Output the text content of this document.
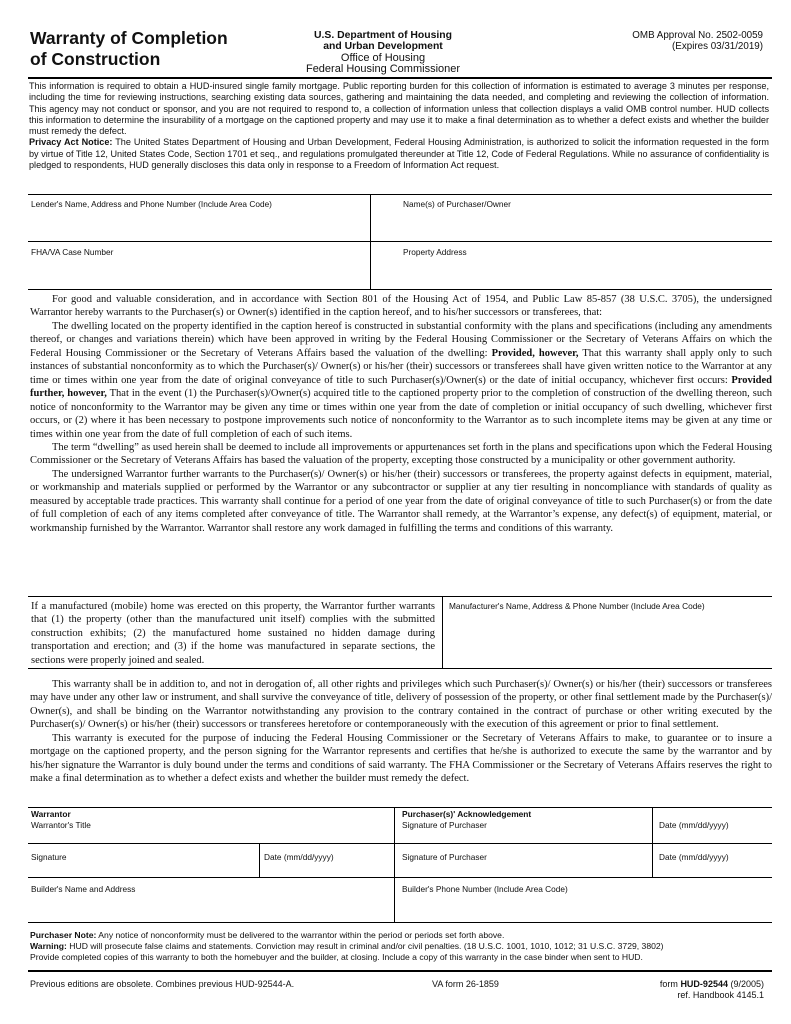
Warranty of Completion
of Construction
U.S. Department of Housing
and Urban Development
Office of Housing
Federal Housing Commissioner
OMB Approval No. 2502-0059
(Expires 03/31/2019)

This information is required to obtain a HUD-insured single family mortgage. Public reporting burden for this collection of information is estimated to average 3 minutes per response, including the time for reviewing instructions, searching existing data sources, gathering and maintaining the data needed, and completing and reviewing the collection of information. This agency may not conduct or sponsor, and you are not required to respond to, a collection of information unless that collection displays a valid OMB control number. HUD collects this information to determine the insurability of a mortgage on the captioned property and may use it to make a final determination as to whether a defect exists and whether the builder must remedy the defect.

Privacy Act Notice: The United States Department of Housing and Urban Development, Federal Housing Administration, is authorized to solicit the information requested in the form by virtue of Title 12, United States Code, Section 1701 et seq., and regulations promulgated thereunder at Title 12, Code of Federal Regulations. While no assurance of confidentiality is pledged to respondents, HUD generally discloses this data only in response to a Freedom of Information Act request.

Lender's Name, Address and Phone Number (Include Area Code)	Name(s) of Purchaser/Owner
FHA/VA Case Number	Property Address

For good and valuable consideration, and in accordance with Section 801 of the Housing Act of 1954, and Public Law 85-857 (38 U.S.C. 3705), the undersigned Warrantor hereby warrants to the Purchaser(s) or Owner(s) identified in the caption hereof, and to his/her successors or transferees, that:

The dwelling located on the property identified in the caption hereof is constructed in substantial conformity with the plans and specifications (including any amendments thereof, or changes and variations therein) which have been approved in writing by the Federal Housing Commissioner or the Secretary of Veterans Affairs on which the Federal Housing Commissioner or the Secretary of Veterans Affairs based the valuation of the dwelling: Provided, however, That this warranty shall apply only to such instances of substantial nonconformity as to which the Purchaser(s)/ Owner(s) or his/her (their) successors or transferees shall have given written notice to the Warrantor at any time or times within one year from the date of original conveyance of title to such Purchaser(s)/Owner(s) or the date of initial occupancy, whichever first occurs: Provided further, however, That in the event (1) the Purchaser(s)/Owner(s) acquired title to the captioned property prior to the completion of construction of the dwelling thereon, such notice of nonconformity to the Warrantor may be given any time or times within one year from the date of completion or initial occupancy of such dwelling, whichever first occurs, or (2) where it has been necessary to postpone improvements such notice of nonconformity to the Warrantor as to such incomplete items may be given at any time or times within one year from the date of full completion of each of such items.

The term “dwelling” as used herein shall be deemed to include all improvements or appurtenances set forth in the plans and specifications upon which the Federal Housing Commissioner or the Secretary of Veterans Affairs has based the valuation of the property, excepting those constructed by a municipality or other government authority.

The undersigned Warrantor further warrants to the Purchaser(s)/ Owner(s) or his/her (their) successors or transferees, the property against defects in equipment, material, or workmanship and materials supplied or performed by the Warrantor or any subcontractor or supplier at any tier resulting in noncompliance with standards of quality as measured by acceptable trade practices. This warranty shall continue for a period of one year from the date of original conveyance of title to such Purchaser(s) or from the date of full completion of each of any items completed after conveyance of title. The Warrantor shall remedy, at the Warrantor’s expense, any defect(s) of equipment, material, or workmanship furnished by the Warrantor. Warrantor shall restore any work damaged in fulfilling the terms and conditions of this warranty.

If a manufactured (mobile) home was erected on this property, the Warrantor further warrants that (1) the property (other than the manufactured unit itself) complies with the submitted construction exhibits; (2) the manufactured home sustained no hidden damage during transportation and erection; and (3) if the home was manufactured in separate sections, the sections were properly joined and sealed.
Manufacturer's Name, Address & Phone Number (Include Area Code)

This warranty shall be in addition to, and not in derogation of, all other rights and privileges which such Purchaser(s)/ Owner(s) or his/her (their) successors or transferees may have under any other law or instrument, and shall survive the conveyance of title, delivery of possession of the property, or other final settlement made by the Purchaser(s)/ Owner(s), and shall be binding on the Warrantor notwithstanding any provision to the contrary contained in the contract of purchase or other writing executed by the Purchaser(s)/ Owner(s) or his/her (their) successors or transferees heretofore or contemporaneously with the execution of this agreement or prior to final settlement.

This warranty is executed for the purpose of inducing the Federal Housing Commissioner or the Secretary of Veterans Affairs to make, to guarantee or to insure a mortgage on the captioned property, and the person signing for the Warrantor represents and certifies that he/she is authorized to execute the same by the warrantor and by his/her signature the Warrantor is duly bound under the terms and conditions of said warranty. The FHA Commissioner or the Secretary of Veterans Affairs reserves the right to make a final determination as to whether a defect exists and whether the builder must remedy the defect.

Warrantor	Purchaser(s)' Acknowledgement
Warrantor's Title	Signature of Purchaser	Date (mm/dd/yyyy)
Signature	Date (mm/dd/yyyy)	Signature of Purchaser	Date (mm/dd/yyyy)
Builder's Name and Address	Builder's Phone Number (Include Area Code)
Purchaser Note: Any notice of nonconformity must be delivered to the warrantor within the period or periods set forth above.
Warning: HUD will prosecute false claims and statements. Conviction may result in criminal and/or civil penalties. (18 U.S.C. 1001, 1010, 1012; 31 U.S.C. 3729, 3802)
Provide completed copies of this warranty to both the homebuyer and the builder, at closing. Include a copy of this warranty in the case binder when sent to HUD.
Previous editions are obsolete. Combines previous HUD-92544-A.	VA form 26-1859	form HUD-92544 (9/2005)
ref. Handbook 4145.1
